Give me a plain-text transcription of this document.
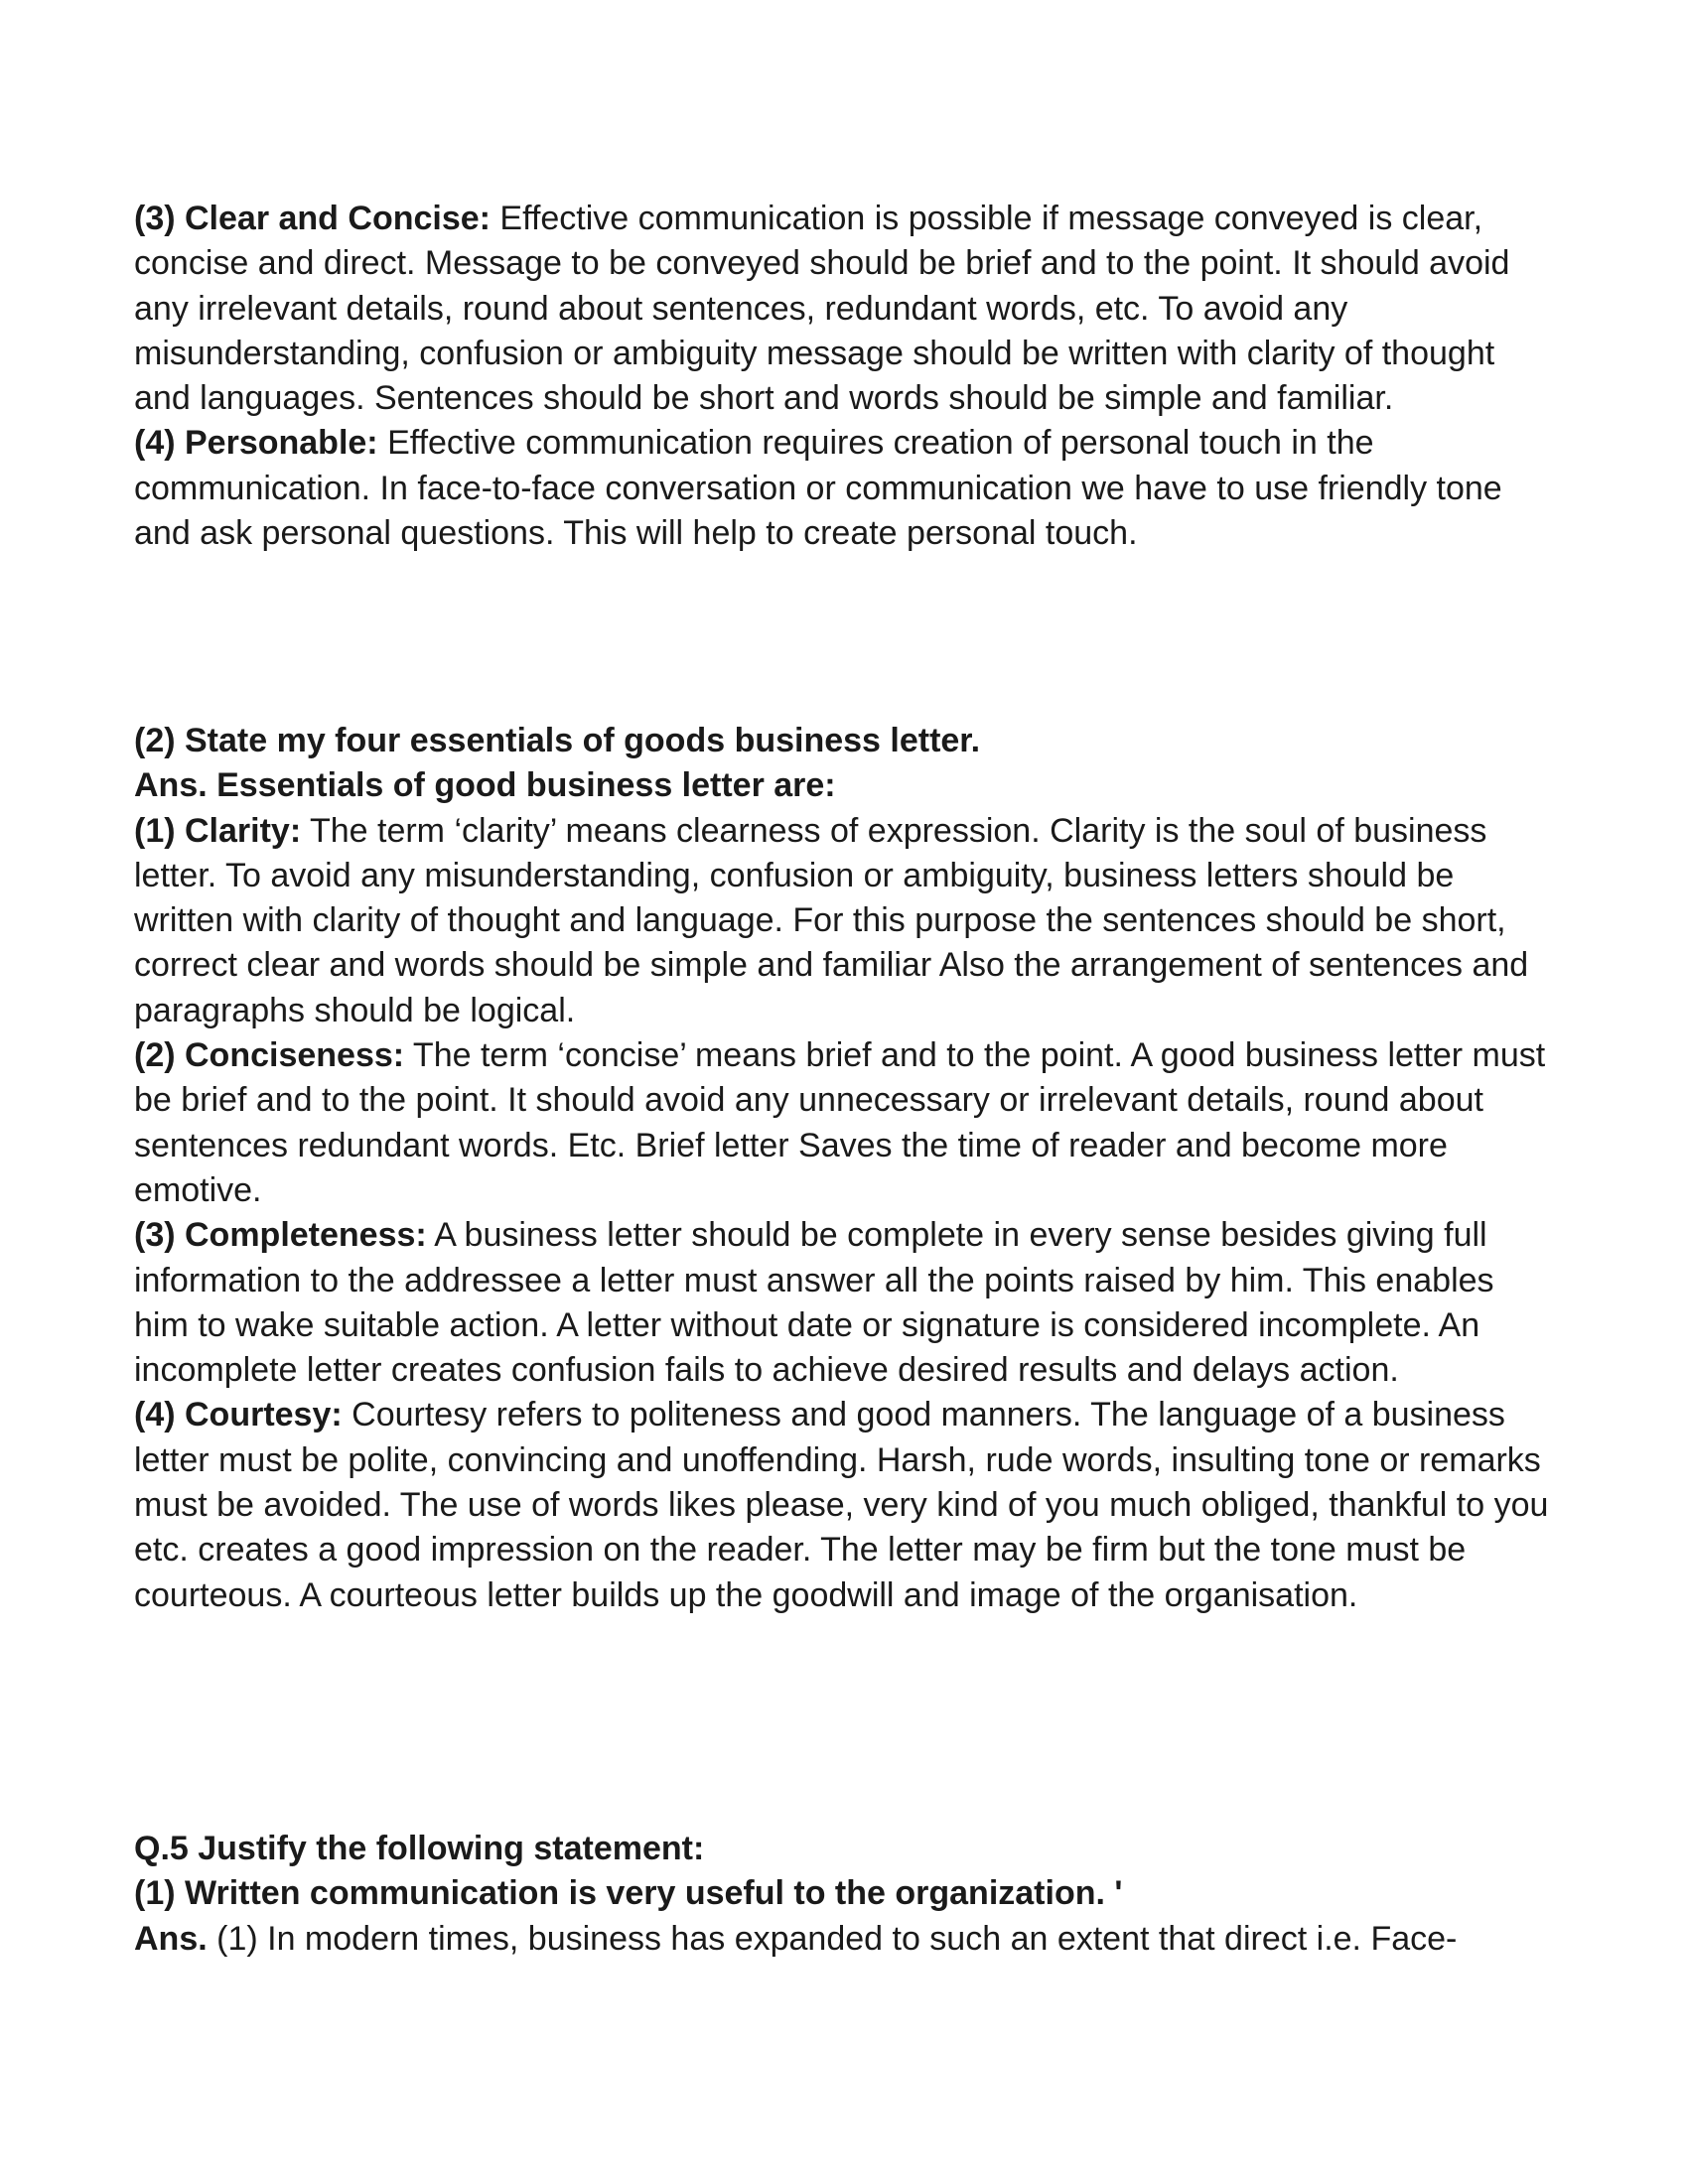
(3) Clear and Concise: Effective communication is possible if message conveyed is clear, concise and direct. Message to be conveyed should be brief and to the point. It should avoid any irrelevant details, round about sentences, redundant words, etc. To avoid any misunderstanding, confusion or ambiguity message should be written with clarity of thought and languages. Sentences should be short and words should be simple and familiar.

(4) Personable: Effective communication requires creation of personal touch in the communication. In face-to-face conversation or communication we have to use friendly tone and ask personal questions. This will help to create personal touch.

(2) State my four essentials of goods business letter.

Ans. Essentials of good business letter are:

(1) Clarity: The term ‘clarity’ means clearness of expression. Clarity is the soul of business letter. To avoid any misunderstanding, confusion or ambiguity, business letters should be written with clarity of thought and language. For this purpose the sentences should be short, correct clear and words should be simple and familiar Also the arrangement of sentences and paragraphs should be logical.

(2) Conciseness: The term ‘concise’ means brief and to the point. A good business letter must be brief and to the point. It should avoid any unnecessary or irrelevant details, round about sentences redundant words. Etc. Brief letter Saves the time of reader and become more emotive.

(3) Completeness: A business letter should be complete in every sense besides giving full information to the addressee a letter must answer all the points raised by him. This enables him to wake suitable action. A letter without date or signature is considered incomplete. An incomplete letter creates confusion fails to achieve desired results and delays action.

(4) Courtesy: Courtesy refers to politeness and good manners. The language of a business letter must be polite, convincing and unoffending. Harsh, rude words, insulting tone or remarks must be avoided. The use of words likes please, very kind of you much obliged, thankful to you etc. creates a good impression on the reader. The letter may be firm but the tone must be courteous. A courteous letter builds up the goodwill and image of the organisation.

Q.5 Justify the following statement:

(1) Written communication is very useful to the organization. '

Ans. (1) In modern times, business has expanded to such an extent that direct i.e. Face-
